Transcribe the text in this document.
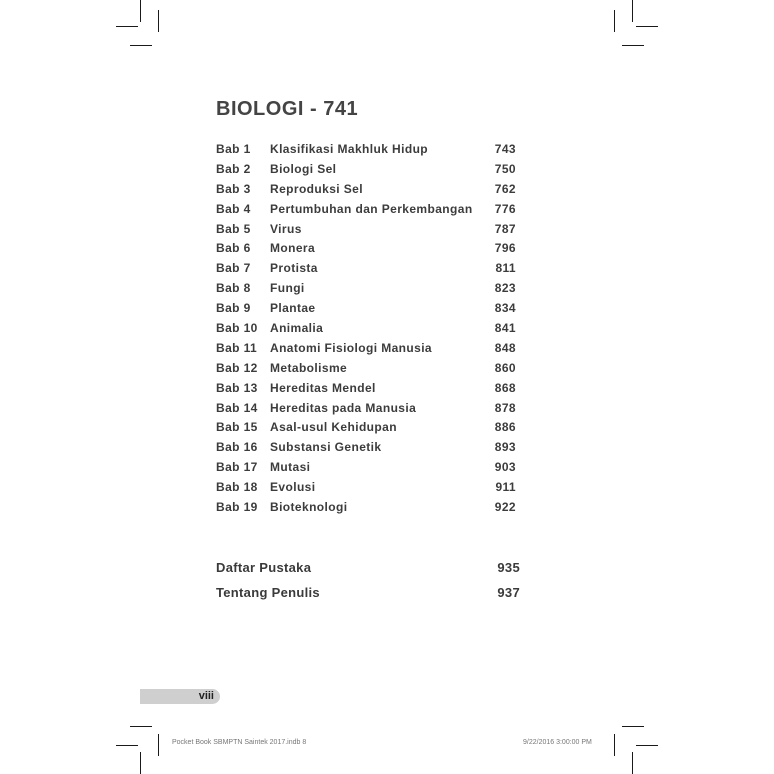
BIOLOGI - 741
Bab 1 Klasifikasi Makhluk Hidup	743
Bab 2 Biologi Sel	750
Bab 3 Reproduksi Sel	762
Bab 4 Pertumbuhan dan Perkembangan 776
Bab 5 Virus	787
Bab 6 Monera	796
Bab 7 Protista	811
Bab 8 Fungi	823
Bab 9 Plantae	834
Bab 10 Animalia	841
Bab 11 Anatomi Fisiologi Manusia	848
Bab 12 Metabolisme	860
Bab 13 Hereditas Mendel	868
Bab 14 Hereditas pada Manusia	878
Bab 15 Asal-usul Kehidupan	886
Bab 16 Substansi Genetik	893
Bab 17 Mutasi	903
Bab 18 Evolusi	911
Bab 19 Bioteknologi	922
Daftar Pustaka	935
Tentang Penulis	937
viii
Pocket Book SBMPTN Saintek 2017.indb 8	9/22/2016 3:00:00 PM
